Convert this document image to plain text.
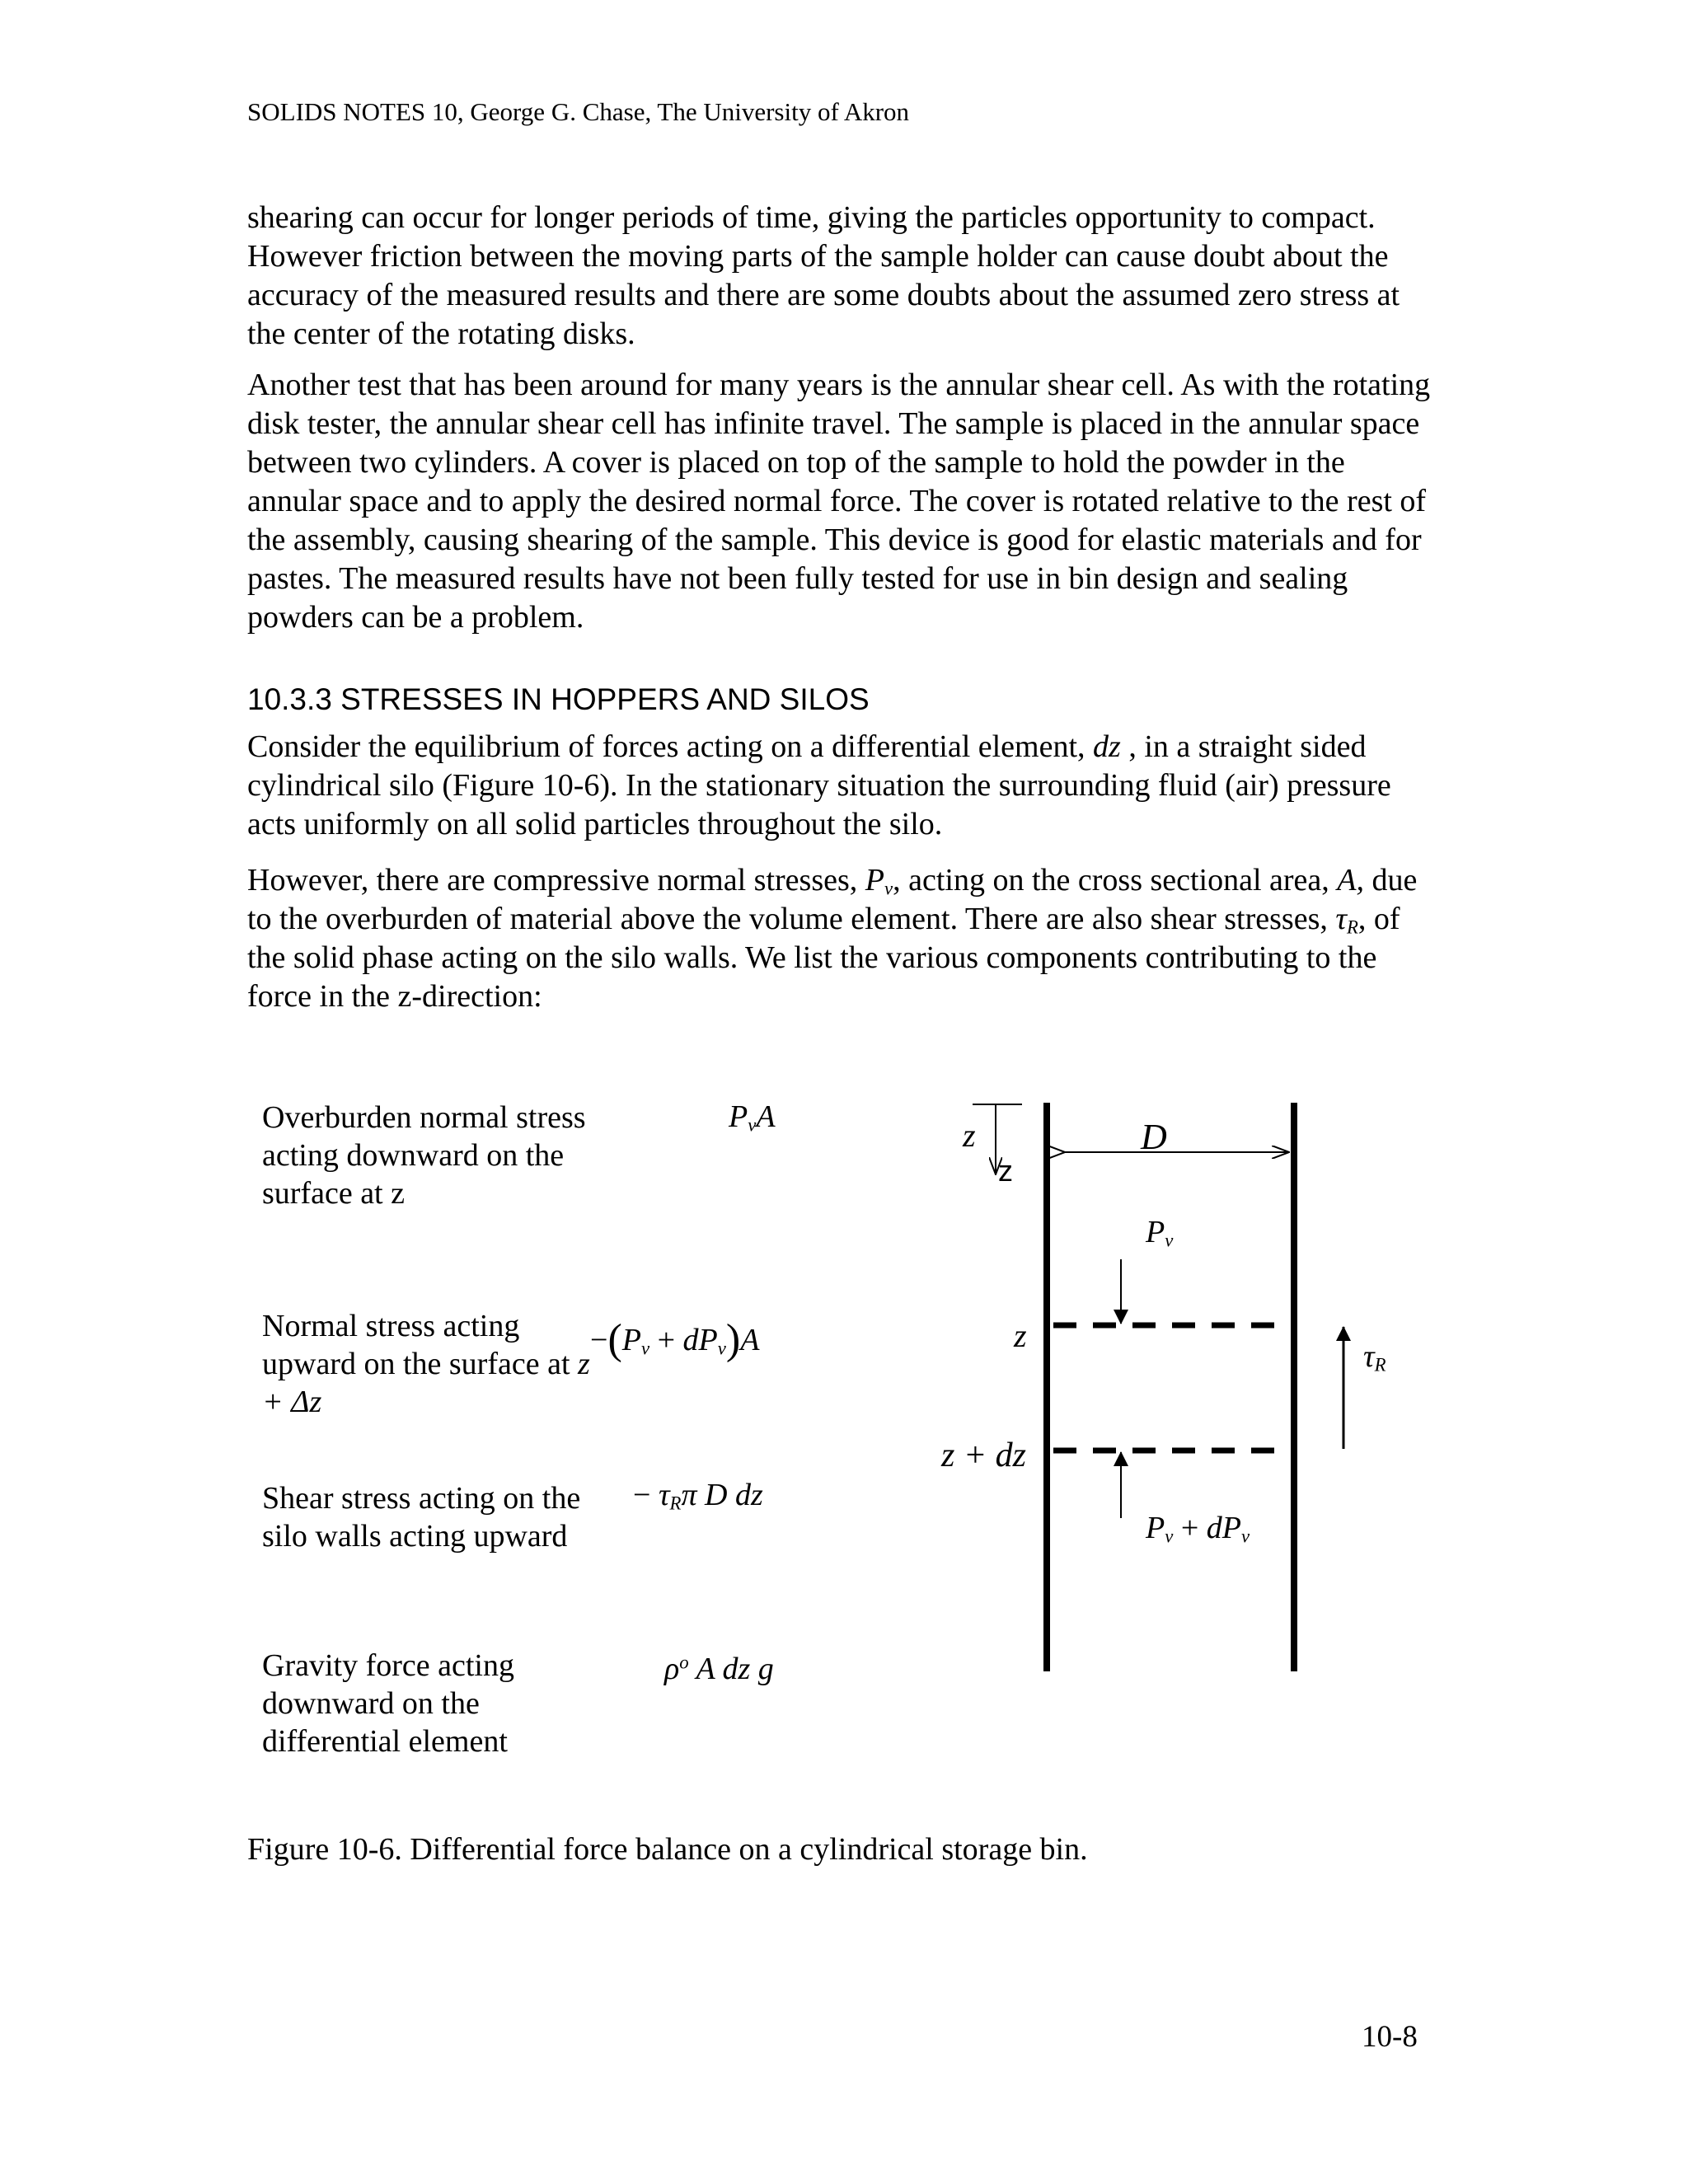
SOLIDS NOTES 10, George G. Chase, The University of Akron

shearing can occur for longer periods of time, giving the particles opportunity to compact. However friction between the moving parts of the sample holder can cause doubt about the accuracy of the measured results and there are some doubts about the assumed zero stress at the center of the rotating disks.

Another test that has been around for many years is the annular shear cell. As with the rotating disk tester, the annular shear cell has infinite travel. The sample is placed in the annular space between two cylinders. A cover is placed on top of the sample to hold the powder in the annular space and to apply the desired normal force. The cover is rotated relative to the rest of the assembly, causing shearing of the sample. This device is good for elastic materials and for pastes. The measured results have not been fully tested for use in bin design and sealing powders can be a problem.

10.3.3 STRESSES IN HOPPERS AND SILOS

Consider the equilibrium of forces acting on a differential element, dz , in a straight sided cylindrical silo (Figure 10-6). In the stationary situation the surrounding fluid (air) pressure acts uniformly on all solid particles throughout the silo.

However, there are compressive normal stresses, $P_v$, acting on the cross sectional area, A, due to the overburden of material above the volume element. There are also shear stresses, $\tau_R$, of the solid phase acting on the silo walls. We list the various components contributing to the force in the z-direction:

Overburden normal stress acting downward on the surface at z
Normal stress acting upward on the surface at z + Δz
Shear stress acting on the silo walls acting upward
Gravity force acting downward on the differential element
$P_vA$
$-(P_v + dP_v)A$
− $\tau_R\pi$ D dz
$\rho^o$ A dz g
z
z
D
$P_v$
z
z + dz
$\tau_R$
$P_v + dP_v$
Figure 10-6. Differential force balance on a cylindrical storage bin.
10-8
